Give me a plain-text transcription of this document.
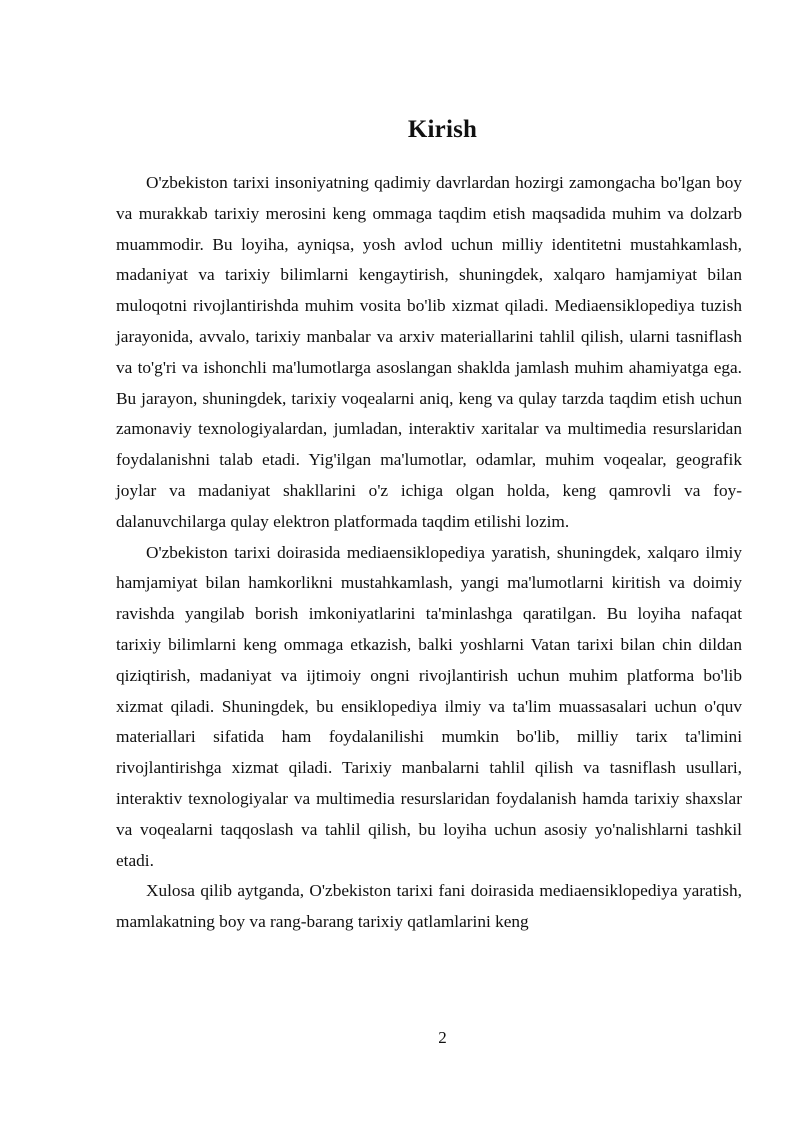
Kirish

O'zbekiston tarixi insoniyatning qadimiy davrlardan hozirgi zamongacha bo'lgan boy va murakkab tarixiy merosini keng ommaga taqdim etish maqsadida muhim va dolzarb muammodir. Bu loyiha, ayniqsa, yosh avlod uchun milliy identitetni mustahkamlash, madaniyat va tarixiy bilimlarni kengaytirish, shuningdek, xalqaro hamjamiyat bilan muloqotni rivojlantirishda muhim vosita bo'lib xizmat qiladi. Mediaensiklopediya tuzish jarayonida, avvalo, tarixiy manbalar va arxiv materiallarini tahlil qilish, ularni tasniflash va to'g'ri va ishonchli ma'lumotlarga asoslangan shaklda jamlash muhim ahamiyatga ega. Bu jarayon, shuningdek, tarixiy voqealarni aniq, keng va qulay tarzda taqdim etish uchun zamonaviy texnologiyalardan, jumladan, interaktiv xaritalar va multimedia resurslaridan foydalanishni talab etadi. Yig'ilgan ma'lumotlar, odamlar, muhim voqealar, geografik joylar va madaniyat shakllarini o'z ichiga olgan holda, keng qamrovli va foydalanuvchilarga qulay elektron platformada taqdim etilishi lozim.

O'zbekiston tarixi doirasida mediaensiklopediya yaratish, shuningdek, xalqaro ilmiy hamjamiyat bilan hamkorlikni mustahkamlash, yangi ma'lumotlarni kiritish va doimiy ravishda yangilab borish imkoniyatlarini ta'minlashga qaratilgan. Bu loyiha nafaqat tarixiy bilimlarni keng ommaga etkazish, balki yoshlarni Vatan tarixi bilan chin dildan qiziqtirish, madaniyat va ijtimoiy ongni rivojlantirish uchun muhim platforma bo'lib xizmat qiladi. Shuningdek, bu ensiklopediya ilmiy va ta'lim muassasalari uchun o'quv materiallari sifatida ham foydalanilishi mumkin bo'lib, milliy tarix ta'limini rivojlantirishga xizmat qiladi. Tarixiy manbalarni tahlil qilish va tasniflash usullari, interaktiv texnologiyalar va multimedia resurslaridan foydalanish hamda tarixiy shaxslar va voqealarni taqqoslash va tahlil qilish, bu loyiha uchun asosiy yo'nalishlarni tashkil etadi.

Xulosa qilib aytganda, O'zbekiston tarixi fani doirasida mediaensiklopediya yaratish, mamlakatning boy va rang-barang tarixiy qatlamlarini keng

2
